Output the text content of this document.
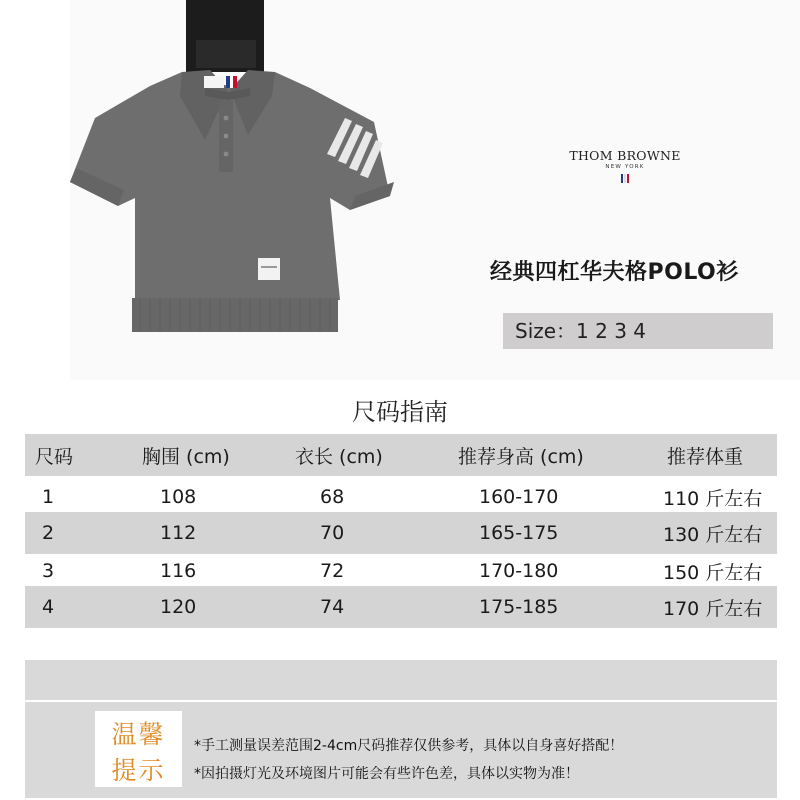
THOM BROWNE
NEW YORK
经典四杠华夫格POLO衫
Size：1 2 3 4
尺码指南
尺码	胸围 (cm)	衣长 (cm)	推荐身高 (cm)	推荐体重
1	108	68	160-170	110 斤左右
2	112	70	165-175	130 斤左右
3	116	72	170-180	150 斤左右
4	120	74	175-185	170 斤左右
温馨
提示
*手工测量误差范围2-4cm尺码推荐仅供参考，具体以自身喜好搭配！
*因拍摄灯光及环境图片可能会有些许色差，具体以实物为准！
